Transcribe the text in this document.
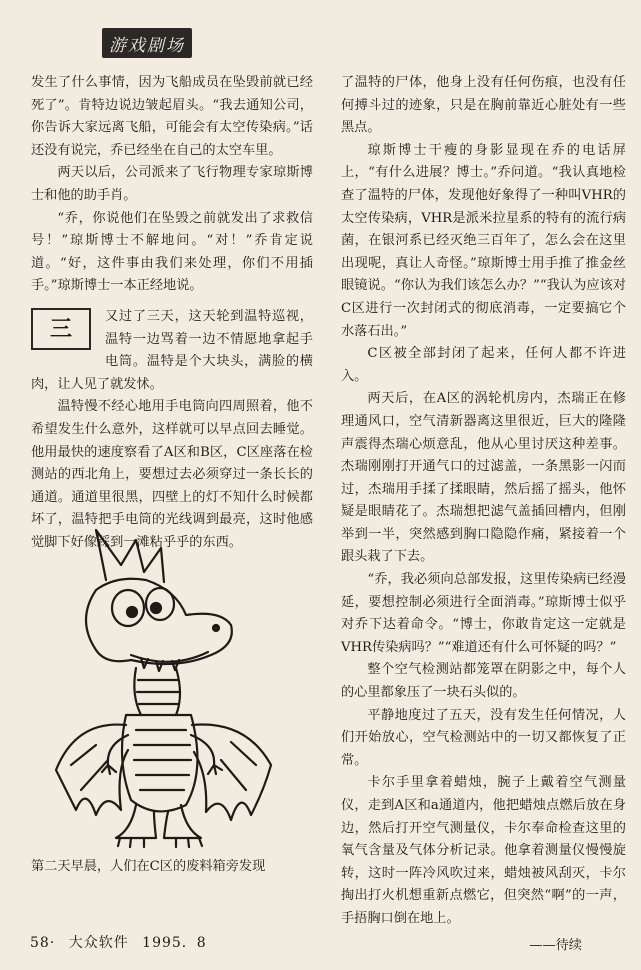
游戏剧场

发生了什么事情，因为飞船成员在坠毁前就已经死了”。肯特边说边皱起眉头。“我去通知公司，你告诉大家远离飞船，可能会有太空传染病。”话还没有说完，乔已经坐在自己的太空车里。

两天以后，公司派来了飞行物理专家琼斯博士和他的助手肖。

“乔，你说他们在坠毁之前就发出了求救信号！”琼斯博士不解地问。“对！”乔肯定说道。“好，这件事由我们来处理，你们不用插手。”琼斯博士一本正经地说。

三	又过了三天，这天轮到温特巡视，温特一边骂着一边不情愿地拿起手电筒。温特是个大块头，满脸的横肉，让人见了就发怵。

温特慢不经心地用手电筒向四周照着，他不希望发生什么意外，这样就可以早点回去睡觉。他用最快的速度察看了A区和B区，C区座落在检测站的西北角上，要想过去必须穿过一条长长的通道。通道里很黑，四壁上的灯不知什么时候都坏了，温特把手电筒的光线调到最亮，这时他感觉脚下好像踩到一滩粘乎乎的东西。

第二天早晨，人们在C区的废料箱旁发现

了温特的尸体，他身上没有任何伤痕，也没有任何搏斗过的迹象，只是在胸前靠近心脏处有一些黑点。

琼斯博士干瘦的身影显现在乔的电话屏上，“有什么进展？博士。”乔问道。“我认真地检查了温特的尸体，发现他好象得了一种叫VHR的太空传染病，VHR是派米拉星系的特有的流行病菌，在银河系已经灭绝三百年了，怎么会在这里出现呢，真让人奇怪。”琼斯博士用手推了推金丝眼镜说。“你认为我们该怎么办？”“我认为应该对C区进行一次封闭式的彻底消毒，一定要搞它个水落石出。”

C区被全部封闭了起来，任何人都不许进入。

两天后，在A区的涡轮机房内，杰瑞正在修理通风口，空气清新器离这里很近，巨大的隆隆声震得杰瑞心烦意乱，他从心里讨厌这种差事。杰瑞刚刚打开通气口的过滤盖，一条黑影一闪而过，杰瑞用手揉了揉眼睛，然后摇了摇头，他怀疑是眼睛花了。杰瑞想把滤气盖插回槽内，但刚举到一半，突然感到胸口隐隐作痛，紧接着一个跟头栽了下去。

“乔，我必须向总部发报，这里传染病已经漫延，要想控制必须进行全面消毒。”琼斯博士似乎对乔下达着命令。“博士，你敢肯定这一定就是VHR传染病吗？”“难道还有什么可怀疑的吗？”

整个空气检测站都笼罩在阴影之中，每个人的心里都象压了一块石头似的。

平静地度过了五天，没有发生任何情况，人们开始放心，空气检测站中的一切又都恢复了正常。

卡尔手里拿着蜡烛，腕子上戴着空气测量仪，走到A区和a通道内，他把蜡烛点燃后放在身边，然后打开空气测量仪，卡尔奉命检查这里的氧气含量及气体分析记录。他拿着测量仪慢慢旋转，这时一阵冷风吹过来，蜡烛被风刮灭，卡尔掏出打火机想重新点燃它，但突然“啊”的一声，手捂胸口倒在地上。

——待续

58· 大众软件 1995．8
